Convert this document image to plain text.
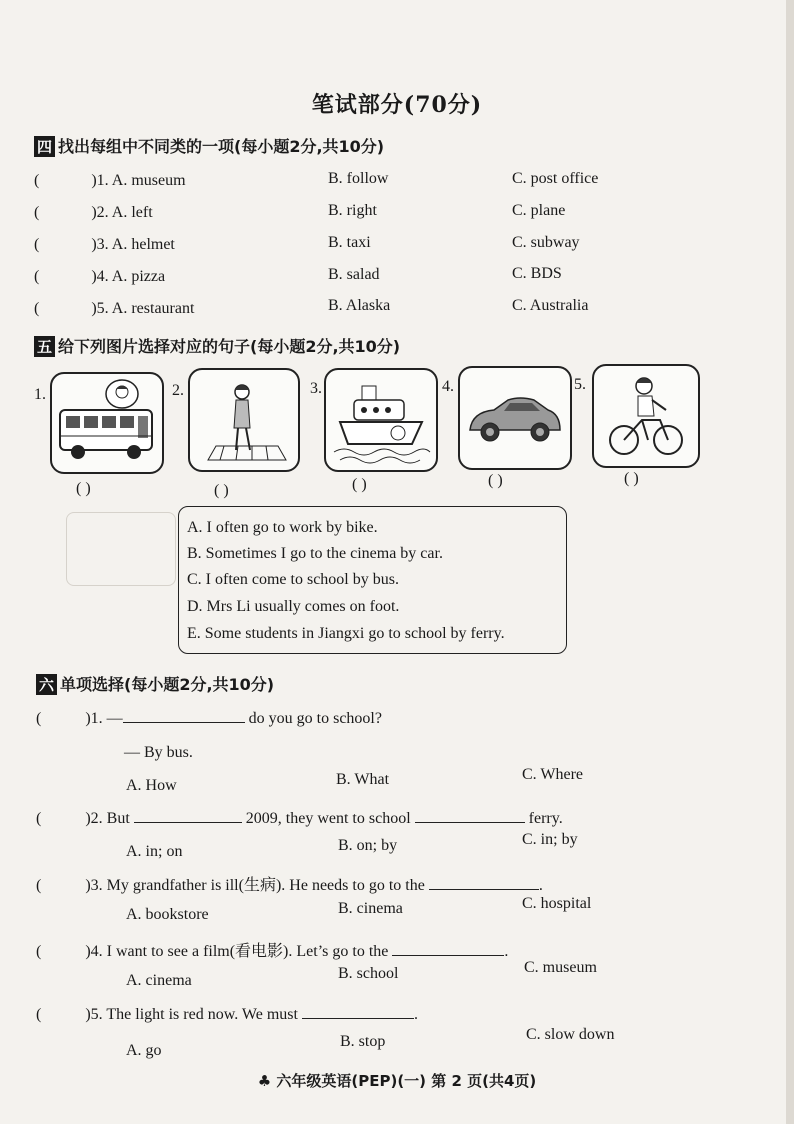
笔试部分(70分)
四 找出每组中不同类的一项(每小题2分,共10分)
(	)1. A. museum	B. follow	C. post office
(	)2. A. left	B. right	C. plane
(	)3. A. helmet	B. taxi	C. subway
(	)4. A. pizza	B. salad	C. BDS
(	)5. A. restaurant	B. Alaska	C. Australia
五 给下列图片选择对应的句子(每小题2分,共10分)
1.
( )
2.
( )
3.
( )
4.
( )
5.
( )
A. I often go to work by bike.
B. Sometimes I go to the cinema by car.
C. I often come to school by bus.
D. Mrs Li usually comes on foot.
E. Some students in Jiangxi go to school by ferry.
六 单项选择(每小题2分,共10分)
(	)1. —	do you go to school?
— By bus.
A. How	B. What	C. Where
(	)2. But	2009, they went to school	ferry.
A. in; on	B. on; by	C. in; by
(	)3. My grandfather is ill(生病). He needs to go to the	.
A. bookstore	B. cinema	C. hospital
(	)4. I want to see a film(看电影). Let’s go to the	.
A. cinema	B. school	C. museum
(	)5. The light is red now. We must	.
A. go
B. stop	C. slow down
♣ 六年级英语(PEP)(一) 第 2 页(共4页)
